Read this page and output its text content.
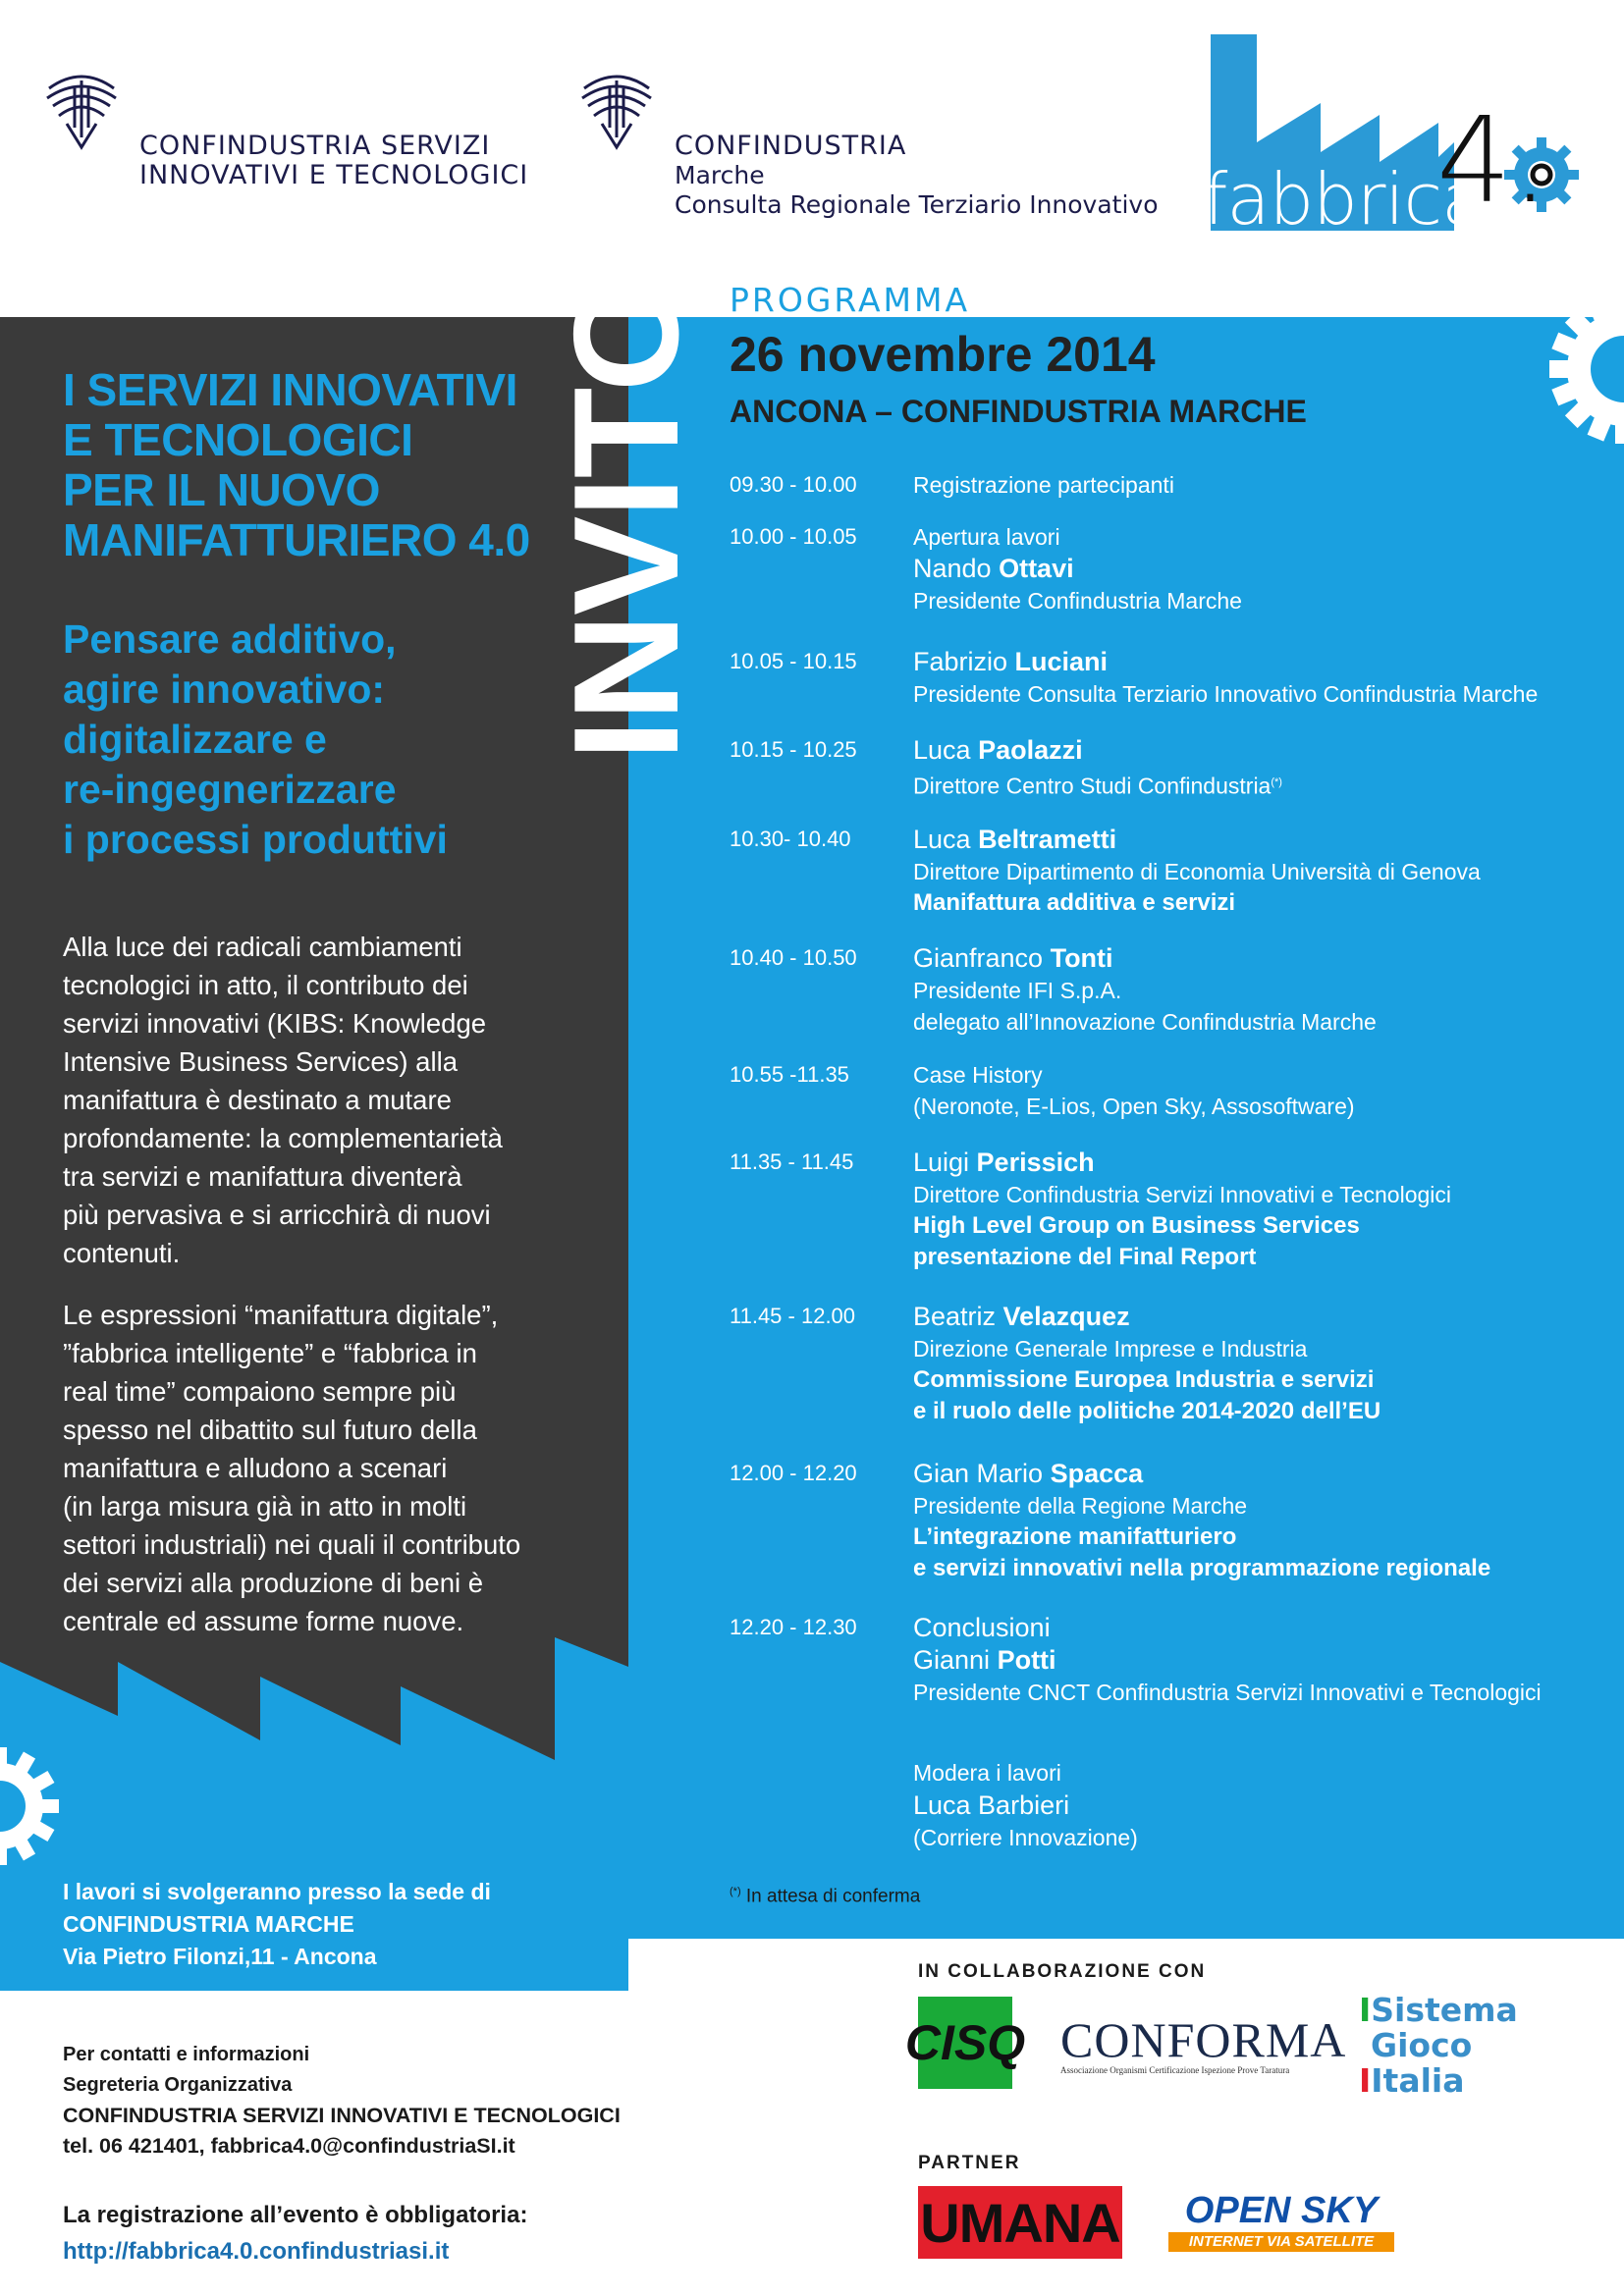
CONFINDUSTRIA SERVIZI
INNOVATIVI E TECNOLOGICI
CONFINDUSTRIA
Marche
Consulta Regionale Terziario Innovativo fabbrica
4.
INVITO
I SERVIZI INNOVATIVI
E TECNOLOGICI
PER IL NUOVO
MANIFATTURIERO 4.0
Pensare additivo,
agire innovativo:
digitalizzare e
re-ingegnerizzare
i processi produttivi
Alla luce dei radicali cambiamenti
tecnologici in atto, il contributo dei
servizi innovativi (KIBS: Knowledge
Intensive Business Services) alla
manifattura è destinato a mutare
profondamente: la complementarietà
tra servizi e manifattura diventerà
più pervasiva e si arricchirà di nuovi
contenuti.
Le espressioni “manifattura digitale”,
”fabbrica intelligente” e “fabbrica in
real time” compaiono sempre più
spesso nel dibattito sul futuro della
manifattura e alludono a scenari
(in larga misura già in atto in molti
settori industriali) nei quali il contributo
dei servizi alla produzione di beni è
centrale ed assume forme nuove.
I lavori si svolgeranno presso la sede di
CONFINDUSTRIA MARCHE
Via Pietro Filonzi,11 - Ancona
Per contatti e informazioni
Segreteria Organizzativa
CONFINDUSTRIA SERVIZI INNOVATIVI E TECNOLOGICI
tel. 06 421401, fabbrica4.0@confindustriaSI.it
La registrazione all’evento è obbligatoria:
http://fabbrica4.0.confindustriasi.it
PROGRAMMA
26 novembre 2014
ANCONA – CONFINDUSTRIA MARCHE
09.30 - 10.00	Registrazione partecipanti
10.00 - 10.05	Apertura lavori
Nando Ottavi
Presidente Confindustria Marche
10.05 - 10.15	Fabrizio Luciani
Presidente Consulta Terziario Innovativo Confindustria Marche
10.15 - 10.25	Luca Paolazzi
Direttore Centro Studi Confindustria(*)
10.30- 10.40	Luca Beltrametti
Direttore Dipartimento di Economia Università di Genova
Manifattura additiva e servizi
10.40 - 10.50	Gianfranco Tonti
Presidente IFI S.p.A.
delegato all’Innovazione Confindustria Marche
10.55 -11.35	Case History
(Neronote, E-Lios, Open Sky, Assosoftware)
11.35 - 11.45	Luigi Perissich
Direttore Confindustria Servizi Innovativi e Tecnologici
High Level Group on Business Services
presentazione del Final Report
11.45 - 12.00	Beatriz Velazquez
Direzione Generale Imprese e Industria
Commissione Europea Industria e servizi
e il ruolo delle politiche 2014-2020 dell’EU
12.00 - 12.20	Gian Mario Spacca
Presidente della Regione Marche
L’integrazione manifatturiero
e servizi innovativi nella programmazione regionale
12.20 - 12.30	Conclusioni
Gianni Potti
Presidente CNCT Confindustria Servizi Innovativi e Tecnologici
Modera i lavori
Luca Barbieri
(Corriere Innovazione)
(*) In attesa di conferma
IN COLLABORAZIONE CON
CISQ CONFORMA
Associazione Organismi Certificazione Ispezione Prove Taratura
ISistema
Gioco
IItalia
PARTNER
UMANA	OPEN SKY
INTERNET VIA SATELLITE
